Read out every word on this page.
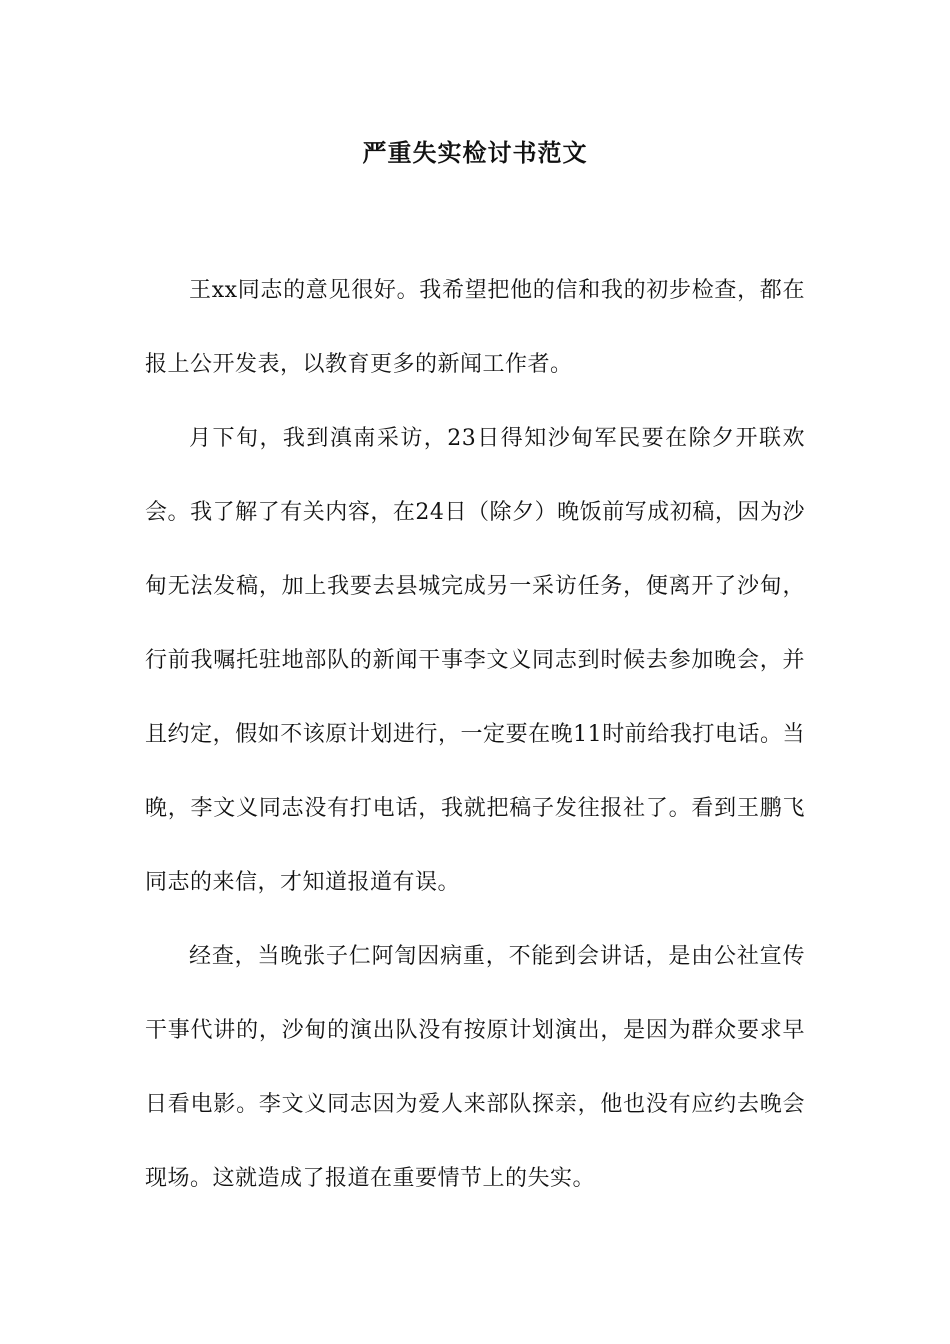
严重失实检讨书范文

王xx同志的意见很好。我希望把他的信和我的初步检查，都在报上公开发表，以教育更多的新闻工作者。

月下旬，我到滇南采访，23日得知沙甸军民要在除夕开联欢会。我了解了有关内容，在24日（除夕）晚饭前写成初稿，因为沙甸无法发稿，加上我要去县城完成另一采访任务，便离开了沙甸，行前我嘱托驻地部队的新闻干事李文义同志到时候去参加晚会，并且约定，假如不该原计划进行，一定要在晚11时前给我打电话。当晚，李文义同志没有打电话，我就把稿子发往报社了。看到王鹏飞同志的来信，才知道报道有误。

经查，当晚张子仁阿訇因病重，不能到会讲话，是由公社宣传干事代讲的，沙甸的演出队没有按原计划演出，是因为群众要求早日看电影。李文义同志因为爱人来部队探亲，他也没有应约去晚会现场。这就造成了报道在重要情节上的失实。
